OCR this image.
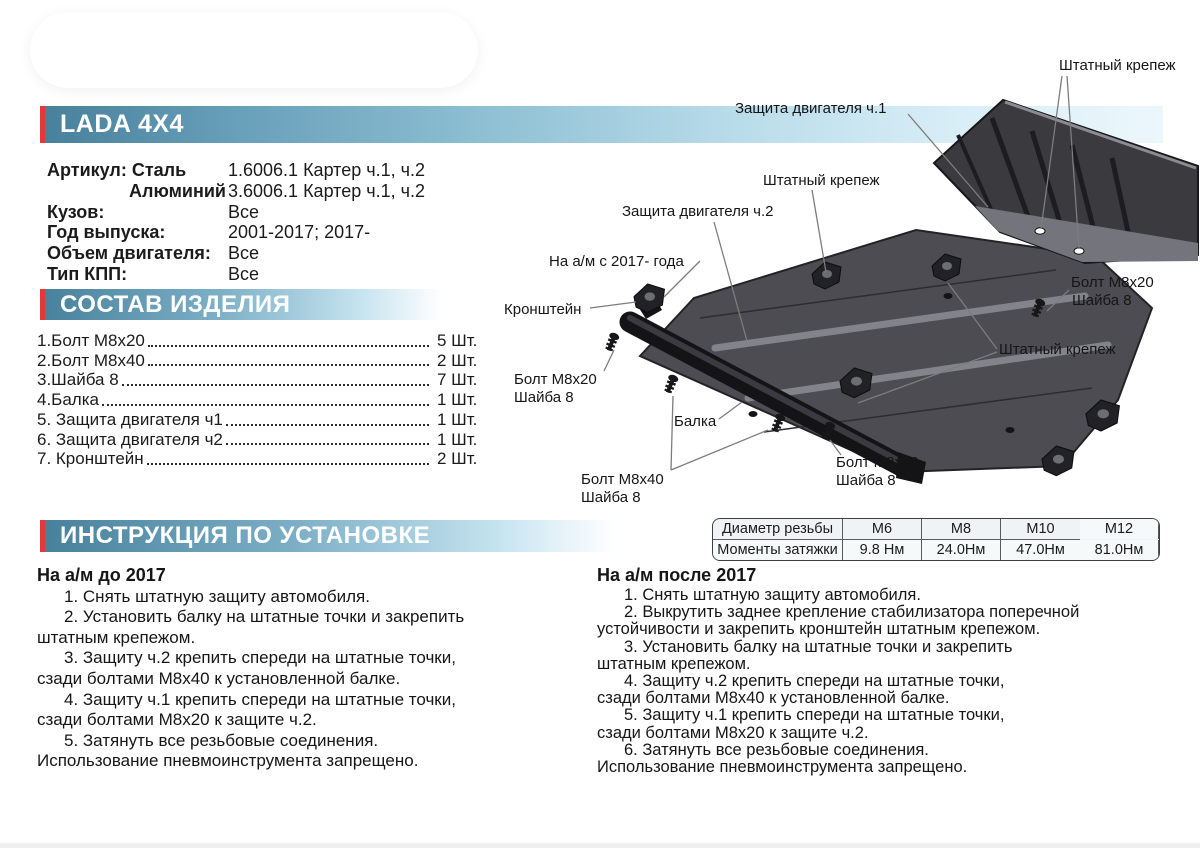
LADA 4X4
Артикул: Сталь	1.6006.1 Картер ч.1, ч.2
Алюминий 3.6006.1 Картер ч.1, ч.2
Кузов:	Все
Год выпуска:	2001-2017; 2017-
Объем двигателя: Все
Тип КПП:	Все
СОСТАВ ИЗДЕЛИЯ
1.Болт М8х20	5 Шт.
2.Болт М8х40	2 Шт.
3.Шайба 8	7 Шт.
4.Балка	1 Шт.
5. Защита двигателя ч1	1 Шт.
6. Защита двигателя ч2	1 Шт.
7. Кронштейн	2 Шт.
Штатный крепеж
Защита двигателя ч.1
Штатный крепеж
Защита двигателя ч.2
На а/м с 2017- года
Кронштейн
Болт М8х20
Шайба 8
Балка
Болт М8х40
Шайба 8
Болт М8х20
Шайба 8
Штатный крепеж
Болт М8х20
Шайба 8
Диаметр резьбы	М6	М8	М10	М12
Моменты затяжки	9.8 Нм	24.0Нм	47.0Нм	81.0Нм
ИНСТРУКЦИЯ ПО УСТАНОВКЕ
На а/м до 2017
1. Снять штатную защиту автомобиля.
2. Установить балку на штатные точки и закрепить
штатным крепежом.
3. Защиту ч.2 крепить спереди на штатные точки,
сзади болтами М8х40 к установленной балке.
4. Защиту ч.1 крепить спереди на штатные точки,
сзади болтами М8х20 к защите ч.2.
5. Затянуть все резьбовые соединения.
Использование пневмоинструмента запрещено.
На а/м после 2017
1. Снять штатную защиту автомобиля.
2. Выкрутить заднее крепление стабилизатора поперечной
устойчивости и закрепить кронштейн штатным крепежом.
3. Установить балку на штатные точки и закрепить
штатным крепежом.
4. Защиту ч.2 крепить спереди на штатные точки,
сзади болтами М8х40 к установленной балке.
5. Защиту ч.1 крепить спереди на штатные точки,
сзади болтами М8х20 к защите ч.2.
6. Затянуть все резьбовые соединения.
Использование пневмоинструмента запрещено.
